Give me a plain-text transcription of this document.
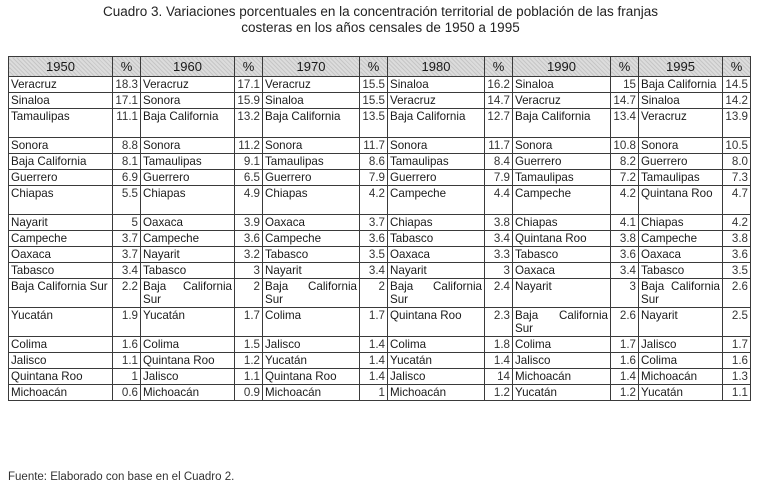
Cuadro 3. Variaciones porcentuales en la concentración territorial de población de las franjas
costeras en los años censales de 1950 a 1995
1950	%	1960	%	1970	%	1980	%	1990	%	1995	%
Veracruz	18.3	Veracruz	17.1	Veracruz	15.5	Sinaloa	16.2	Sinaloa	15	Baja California	14.5
Sinaloa	17.1	Sonora	15.9	Sinaloa	15.5	Veracruz	14.7	Veracruz	14.7	Sinaloa	14.2
Tamaulipas	11.1	Baja California	13.2	Baja California	13.5	Baja California	12.7	Baja California	13.4	Veracruz	13.9
Sonora	8.8	Sonora	11.2	Sonora	11.7	Sonora	11.7	Sonora	10.8	Sonora	10.5
Baja California	8.1	Tamaulipas	9.1	Tamaulipas	8.6	Tamaulipas	8.4	Guerrero	8.2	Guerrero	8.0
Guerrero	6.9	Guerrero	6.5	Guerrero	7.9	Guerrero	7.9	Tamaulipas	7.2	Tamaulipas	7.3
Chiapas	5.5	Chiapas	4.9	Chiapas	4.2	Campeche	4.4	Campeche	4.2	Quintana Roo	4.7
Nayarit	5	Oaxaca	3.9	Oaxaca	3.7	Chiapas	3.8	Chiapas	4.1	Chiapas	4.2
Campeche	3.7	Campeche	3.6	Campeche	3.6	Tabasco	3.4	Quintana Roo	3.8	Campeche	3.8
Oaxaca	3.7	Nayarit	3.2	Tabasco	3.5	Oaxaca	3.3	Tabasco	3.6	Oaxaca	3.6
Tabasco	3.4	Tabasco	3	Nayarit	3.4	Nayarit	3	Oaxaca	3.4	Tabasco	3.5
Baja California Sur	2.2	Baja California Sur	2	Baja California Sur	2	Baja California Sur	2.4	Nayarit	3	Baja California Sur	2.6
Yucatán	1.9	Yucatán	1.7	Colima	1.7	Quintana Roo	2.3	Baja California Sur	2.6	Nayarit	2.5
Colima	1.6	Colima	1.5	Jalisco	1.4	Colima	1.8	Colima	1.7	Jalisco	1.7
Jalisco	1.1	Quintana Roo	1.2	Yucatán	1.4	Yucatán	1.4	Jalisco	1.6	Colima	1.6
Quintana Roo	1	Jalisco	1.1	Quintana Roo	1.4	Jalisco	14	Michoacán	1.4	Michoacán	1.3
Michoacán	0.6	Michoacán	0.9	Michoacán	1	Michoacán	1.2	Yucatán	1.2	Yucatán	1.1
Fuente: Elaborado con base en el Cuadro 2.
